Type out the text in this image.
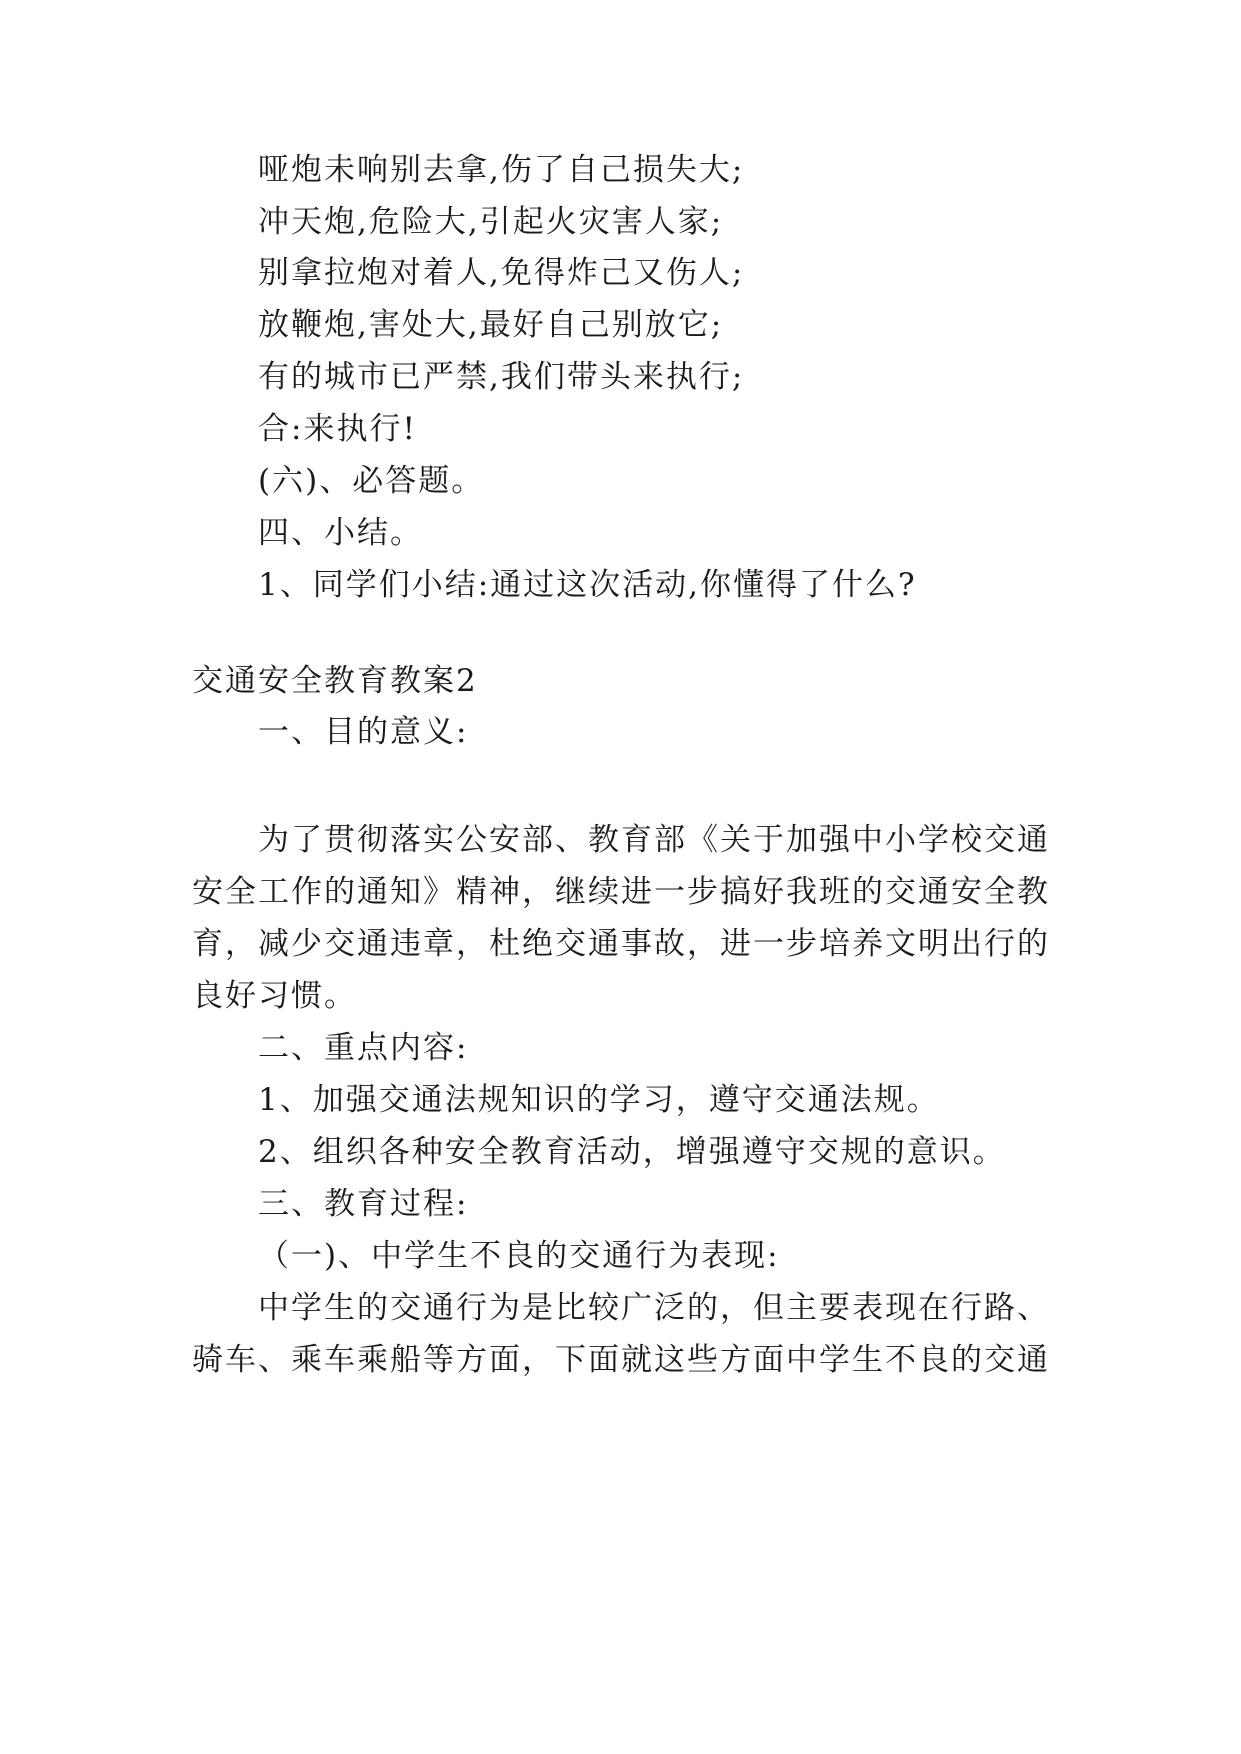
哑炮未响别去拿,伤了自己损失大;
冲天炮,危险大,引起火灾害人家;
别拿拉炮对着人,免得炸己又伤人;
放鞭炮,害处大,最好自己别放它;
有的城市已严禁,我们带头来执行;
合:来执行!
(六)、必答题。
四、小结。
1、同学们小结:通过这次活动,你懂得了什么?
交通安全教育教案2
一、目的意义:
为了贯彻落实公安部、教育部《关于加强中小学校交通
安全工作的通知》精神，继续进一步搞好我班的交通安全教
育，减少交通违章，杜绝交通事故，进一步培养文明出行的
良好习惯。
二、重点内容:
1、加强交通法规知识的学习，遵守交通法规。
2、组织各种安全教育活动，增强遵守交规的意识。
三、教育过程:
（一)、中学生不良的交通行为表现:
中学生的交通行为是比较广泛的，但主要表现在行路、
骑车、乘车乘船等方面，下面就这些方面中学生不良的交通
